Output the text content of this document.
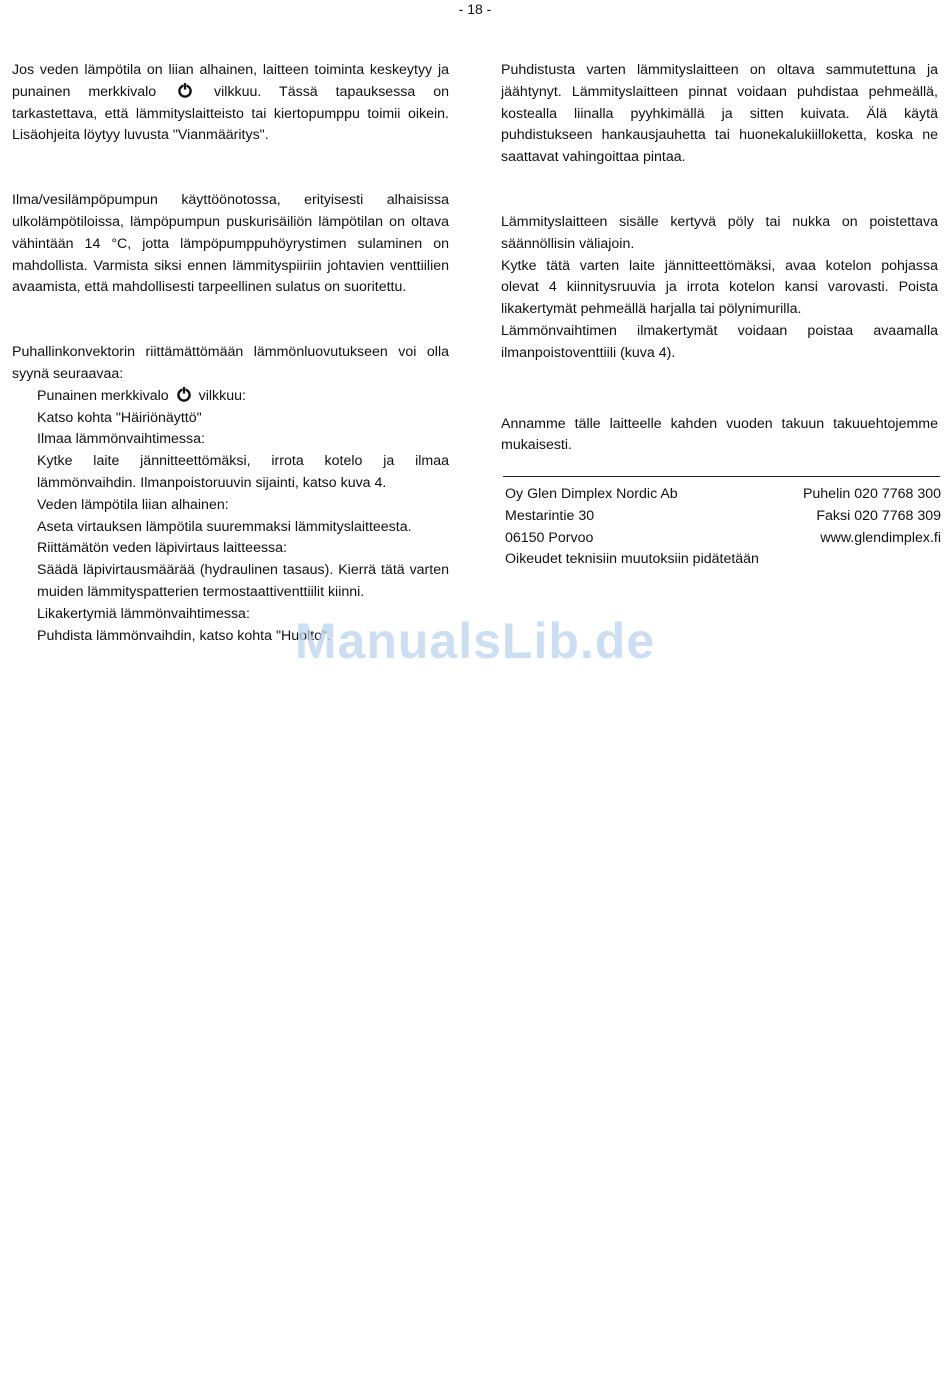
- 18 -

Jos veden lämpötila on liian alhainen, laitteen toiminta keskeytyy ja punainen merkkivalo	vilkkuu. Tässä tapauksessa on tarkastettava, että lämmityslaitteisto tai kiertopumppu toimii oikein. Lisäohjeita löytyy luvusta "Vianmääritys".

Ilma/vesilämpöpumpun käyttöönotossa, erityisesti alhaisissa ulkolämpötiloissa, lämpöpumpun puskurisäiliön lämpötilan on oltava vähintään 14 °C, jotta lämpöpumppuhöyrystimen sulaminen on mahdollista. Varmista siksi ennen lämmityspiiriin johtavien venttiilien avaamista, että mahdollisesti tarpeellinen sulatus on suoritettu.

Puhallinkonvektorin riittämättömään lämmönluovutukseen voi olla syynä seuraavaa:

Punainen merkkivalo vilkkuu:

Katso kohta "Häiriönäyttö"

Ilmaa lämmönvaihtimessa:

Kytke laite jännitteettömäksi, irrota kotelo ja ilmaa lämmönvaihdin. Ilmanpoistoruuvin sijainti, katso kuva 4.

Veden lämpötila liian alhainen:

Aseta virtauksen lämpötila suuremmaksi lämmityslaitteesta.

Riittämätön veden läpivirtaus laitteessa:

Säädä läpivirtausmäärää (hydraulinen tasaus). Kierrä tätä varten muiden lämmityspatterien termostaattiventtiilit kiinni.

Likakertymiä lämmönvaihtimessa:

Puhdista lämmönvaihdin, katso kohta "Huolto".

Puhdistusta varten lämmityslaitteen on oltava sammutettuna ja jäähtynyt. Lämmityslaitteen pinnat voidaan puhdistaa pehmeällä, kostealla liinalla pyyhkimällä ja sitten kuivata. Älä käytä puhdistukseen hankausjauhetta tai huonekalukiilloketta, koska ne saattavat vahingoittaa pintaa.

Lämmityslaitteen sisälle kertyvä pöly tai nukka on poistettava säännöllisin väliajoin.

Kytke tätä varten laite jännitteettömäksi, avaa kotelon pohjassa olevat 4 kiinnitysruuvia ja irrota kotelon kansi varovasti. Poista likakertymät pehmeällä harjalla tai pölynimurilla.

Lämmönvaihtimen ilmakertymät voidaan poistaa avaamalla ilmanpoistoventtiili (kuva 4).

Annamme tälle laitteelle kahden vuoden takuun takuuehtojemme mukaisesti.

Oy Glen Dimplex Nordic Ab	Puhelin 020 7768 300
Mestarintie 30	Faksi 020 7768 309
06150 Porvoo	www.glendimplex.fi
Oikeudet teknisiin muutoksiin pidätetään
ManualsLib.de
